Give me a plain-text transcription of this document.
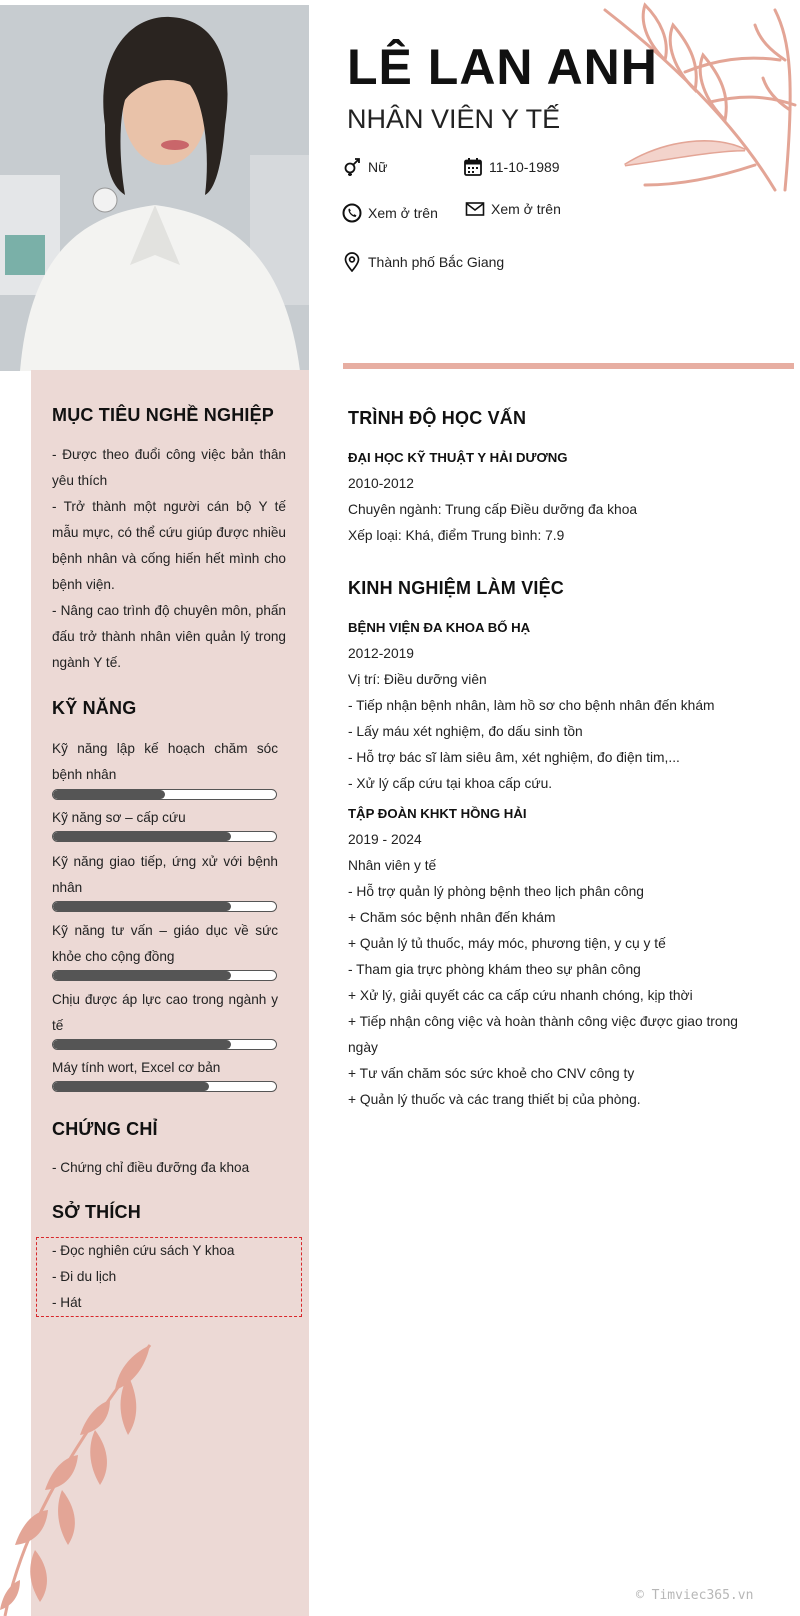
LÊ LAN ANH
NHÂN VIÊN Y TẾ
Nữ	11-10-1989
Xem ở trên	Xem ở trên
Thành phố Bắc Giang
MỤC TIÊU NGHỀ NGHIỆP
- Được theo đuổi công việc bản thân yêu thích
- Trở thành một người cán bộ Y tế mẫu mực, có thể cứu giúp được nhiều bệnh nhân và cống hiến hết mình cho bệnh viện.
- Nâng cao trình độ chuyên môn, phấn đấu trở thành nhân viên quản lý trong ngành Y tế.
KỸ NĂNG
Kỹ năng lập kế hoạch chăm sóc bệnh nhân
Kỹ năng sơ – cấp cứu
Kỹ năng giao tiếp, ứng xử với bệnh nhân
Kỹ năng tư vấn – giáo dục về sức khỏe cho cộng đồng
Chịu được áp lực cao trong ngành y tế
Máy tính wort, Excel cơ bản
CHỨNG CHỈ
- Chứng chỉ điều đưỡng đa khoa
SỞ THÍCH
- Đọc nghiên cứu sách Y khoa
- Đi du lịch
- Hát
TRÌNH ĐỘ HỌC VẤN
ĐẠI HỌC KỸ THUẬT Y HẢI DƯƠNG
2010-2012
Chuyên ngành: Trung cấp Điều dưỡng đa khoa
Xếp loại: Khá, điểm Trung bình: 7.9
KINH NGHIỆM LÀM VIỆC
BỆNH VIỆN ĐA KHOA BỐ HẠ
2012-2019
Vị trí: Điều dưỡng viên
- Tiếp nhận bệnh nhân, làm hồ sơ cho bệnh nhân đến khám
- Lấy máu xét nghiệm, đo dấu sinh tồn
- Hỗ trợ bác sĩ làm siêu âm, xét nghiệm, đo điện tim,...
- Xử lý cấp cứu tại khoa cấp cứu.
TẬP ĐOÀN KHKT HỒNG HẢI
2019 - 2024
Nhân viên y tế
- Hỗ trợ quản lý phòng bệnh theo lịch phân công
+ Chăm sóc bệnh nhân đến khám
+ Quản lý tủ thuốc, máy móc, phương tiện, y cụ y tế
- Tham gia trực phòng khám theo sự phân công
+ Xử lý, giải quyết các ca cấp cứu nhanh chóng, kịp thời
+ Tiếp nhận công việc và hoàn thành công việc được giao trong ngày
+ Tư vấn chăm sóc sức khoẻ cho CNV công ty
+ Quản lý thuốc và các trang thiết bị của phòng.
© Timviec365.vn
